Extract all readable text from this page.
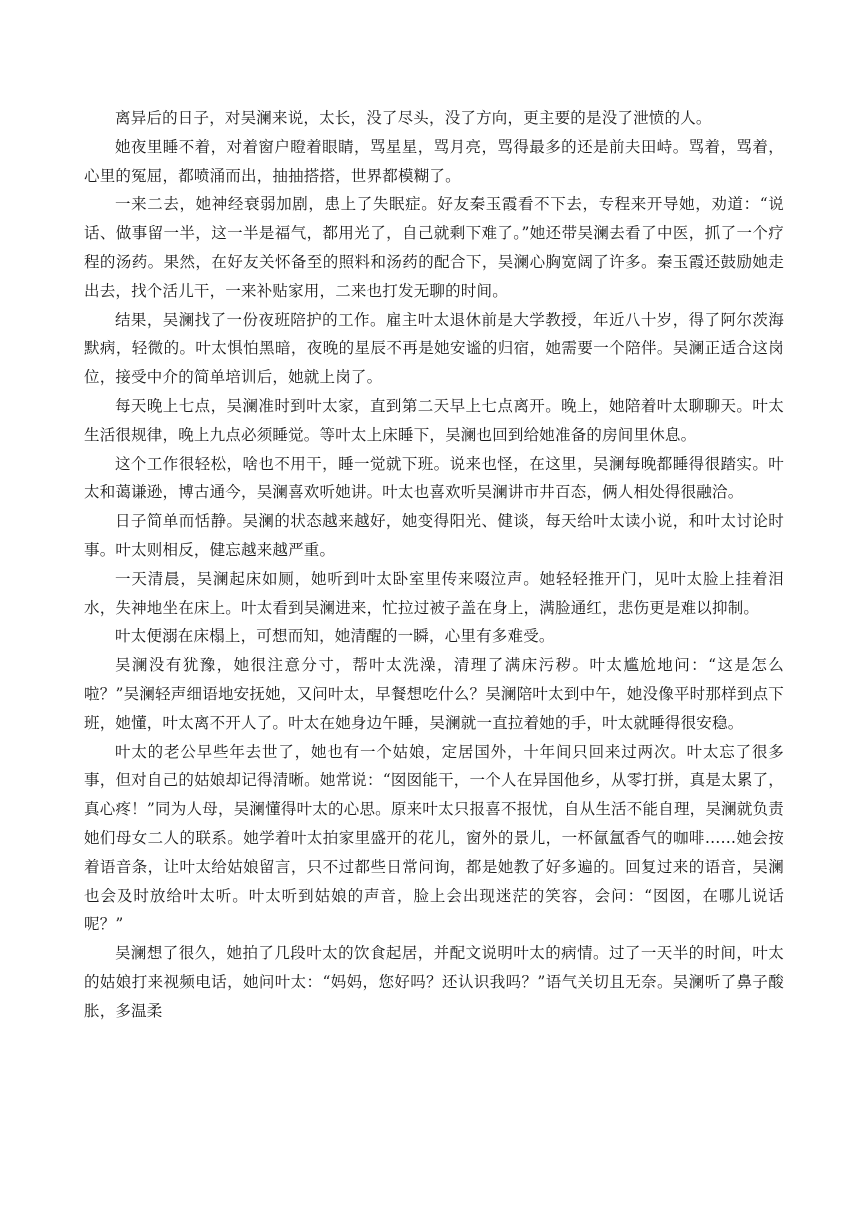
离异后的日子，对吴澜来说，太长，没了尽头，没了方向，更主要的是没了泄愤的人。

她夜里睡不着，对着窗户瞪着眼睛，骂星星，骂月亮，骂得最多的还是前夫田峙。骂着，骂着，心里的冤屈，都喷涌而出，抽抽搭搭，世界都模糊了。

一来二去，她神经衰弱加剧，患上了失眠症。好友秦玉霞看不下去，专程来开导她，劝道：“说话、做事留一半，这一半是福气，都用光了，自己就剩下难了。”她还带吴澜去看了中医，抓了一个疗程的汤药。果然，在好友关怀备至的照料和汤药的配合下，吴澜心胸宽阔了许多。秦玉霞还鼓励她走出去，找个活儿干，一来补贴家用，二来也打发无聊的时间。

结果，吴澜找了一份夜班陪护的工作。雇主叶太退休前是大学教授，年近八十岁，得了阿尔茨海默病，轻微的。叶太惧怕黑暗，夜晚的星辰不再是她安谧的归宿，她需要一个陪伴。吴澜正适合这岗位，接受中介的简单培训后，她就上岗了。

每天晚上七点，吴澜准时到叶太家，直到第二天早上七点离开。晚上，她陪着叶太聊聊天。叶太生活很规律，晚上九点必须睡觉。等叶太上床睡下，吴澜也回到给她准备的房间里休息。

这个工作很轻松，啥也不用干，睡一觉就下班。说来也怪，在这里，吴澜每晚都睡得很踏实。叶太和蔼谦逊，博古通今，吴澜喜欢听她讲。叶太也喜欢听吴澜讲市井百态，俩人相处得很融洽。

日子简单而恬静。吴澜的状态越来越好，她变得阳光、健谈，每天给叶太读小说，和叶太讨论时事。叶太则相反，健忘越来越严重。

一天清晨，吴澜起床如厕，她听到叶太卧室里传来啜泣声。她轻轻推开门，见叶太脸上挂着泪水，失神地坐在床上。叶太看到吴澜进来，忙拉过被子盖在身上，满脸通红，悲伤更是难以抑制。

叶太便溺在床榻上，可想而知，她清醒的一瞬，心里有多难受。

吴澜没有犹豫，她很注意分寸，帮叶太洗澡，清理了满床污秽。叶太尴尬地问：“这是怎么啦？”吴澜轻声细语地安抚她，又问叶太，早餐想吃什么？吴澜陪叶太到中午，她没像平时那样到点下班，她懂，叶太离不开人了。叶太在她身边午睡，吴澜就一直拉着她的手，叶太就睡得很安稳。

叶太的老公早些年去世了，她也有一个姑娘，定居国外，十年间只回来过两次。叶太忘了很多事，但对自己的姑娘却记得清晰。她常说：“囡囡能干，一个人在异国他乡，从零打拼，真是太累了，真心疼！”同为人母，吴澜懂得叶太的心思。原来叶太只报喜不报忧，自从生活不能自理，吴澜就负责她们母女二人的联系。她学着叶太拍家里盛开的花儿，窗外的景儿，一杯氤氲香气的咖啡……她会按着语音条，让叶太给姑娘留言，只不过都些日常问询，都是她教了好多遍的。回复过来的语音，吴澜也会及时放给叶太听。叶太听到姑娘的声音，脸上会出现迷茫的笑容，会问：“囡囡，在哪儿说话呢？”

吴澜想了很久，她拍了几段叶太的饮食起居，并配文说明叶太的病情。过了一天半的时间，叶太的姑娘打来视频电话，她问叶太：“妈妈，您好吗？还认识我吗？”语气关切且无奈。吴澜听了鼻子酸胀，多温柔
